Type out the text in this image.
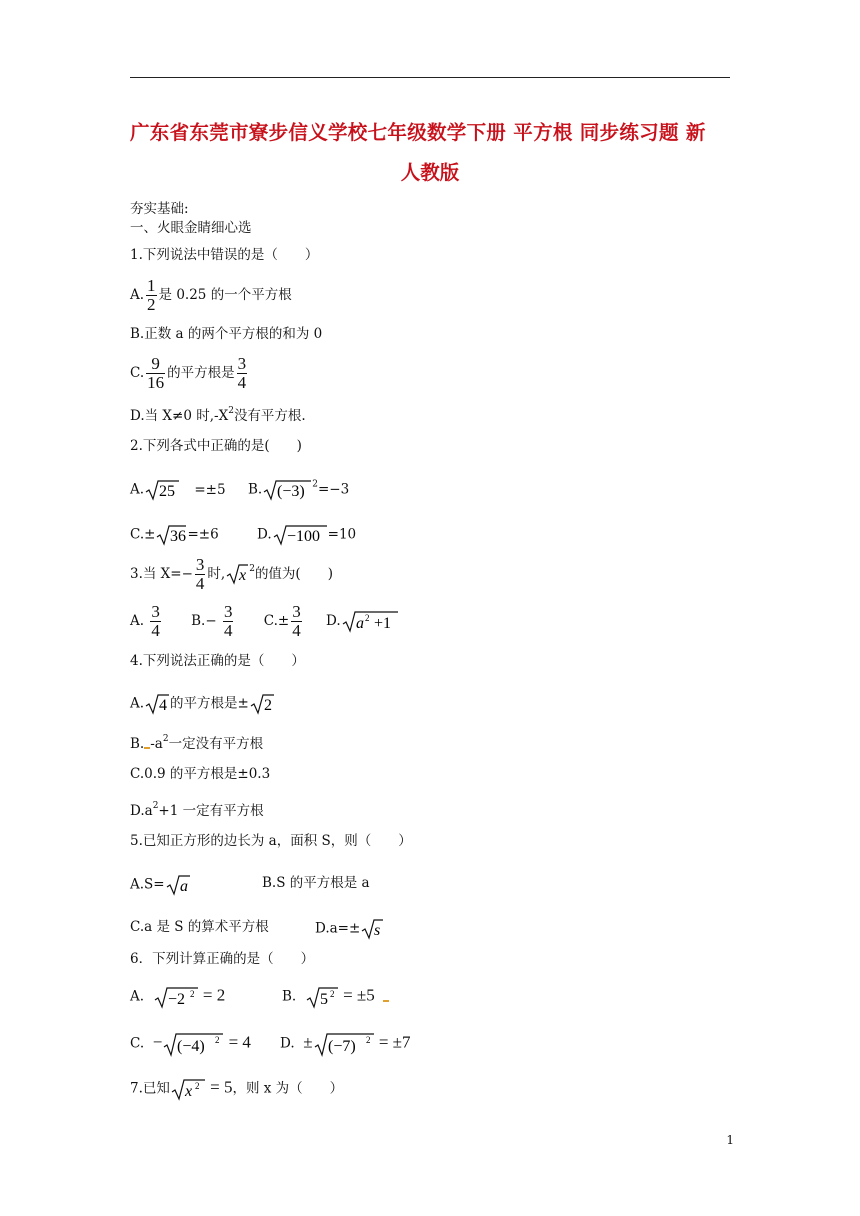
广东省东莞市寮步信义学校七年级数学下册 平方根 同步练习题 新
人教版
夯实基础:
一、火眼金睛细心选
1.下列说法中错误的是（　　）
A. $\frac{1}{2}$ 是 0.25 的一个平方根
B.正数 a 的两个平方根的和为 0
C. $\frac{9}{16}$ 的平方根是 $\frac{3}{4}$
D.当 X≠0 时$,-X^2$没有平方根.
2.下列各式中正确的是(　　)
A. 25 =±5 B. (−3) $^2$=−3
C.± 36 =±6	D. −100 =10
3.当 $X=- \frac{3}{4}$ 时, x $^2$的值为(　　)
A. $\frac{3}{4} B.- \frac{3}{4} C.\pm \frac{3}{4} D$. a 2 +1
4.下列说法正确的是（　　）
A. 4 的平方根是± 2
B. $-a^2$一定没有平方根
C.0.9 的平方根是±0.3
$D.a^2+1$ 一定有平方根
5.已知正方形的边长为 a，面积 S，则（　　）
A.S= a	B.S 的平方根是 a
C.a 是 S 的算术平方根	D.a=± s
6．下列计算正确的是（　　）
A. −2 2 = 2	B. 5 2 = ±5
C. − (−4) 2 = 4 D. ± (−7) 2 = ±7
7.已知 x 2 = 5，则 x 为（　　）
1
